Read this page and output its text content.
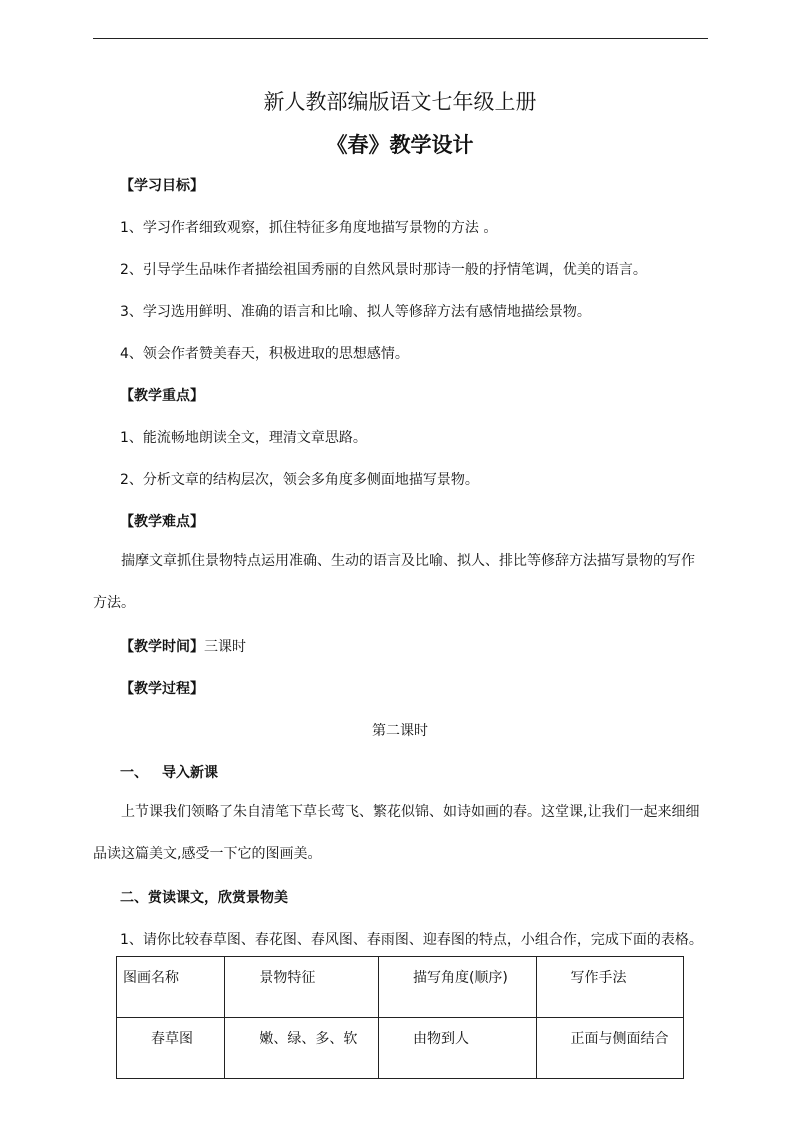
新人教部编版语文七年级上册
《春》教学设计
【学习目标】
1、学习作者细致观察，抓住特征多角度地描写景物的方法 。
2、引导学生品味作者描绘祖国秀丽的自然风景时那诗一般的抒情笔调，优美的语言。
3、学习选用鲜明、准确的语言和比喻、拟人等修辞方法有感情地描绘景物。
4、领会作者赞美春天，积极进取的思想感情。
【教学重点】
1、能流畅地朗读全文，理清文章思路。
2、分析文章的结构层次，领会多角度多侧面地描写景物。
【教学难点】
揣摩文章抓住景物特点运用准确、生动的语言及比喻、拟人、排比等修辞方法描写景物的写作方法。
【教学时间】三课时
【教学过程】
第二课时
一、 导入新课
上节课我们领略了朱自清笔下草长莺飞、繁花似锦、如诗如画的春。这堂课,让我们一起来细细品读这篇美文,感受一下它的图画美。
二、赏读课文，欣赏景物美
1、请你比较春草图、春花图、春风图、春雨图、迎春图的特点，小组合作，完成下面的表格。
图画名称	景物特征	描写角度(顺序)	写作手法
春草图	嫩、绿、多、软	由物到人	正面与侧面结合
